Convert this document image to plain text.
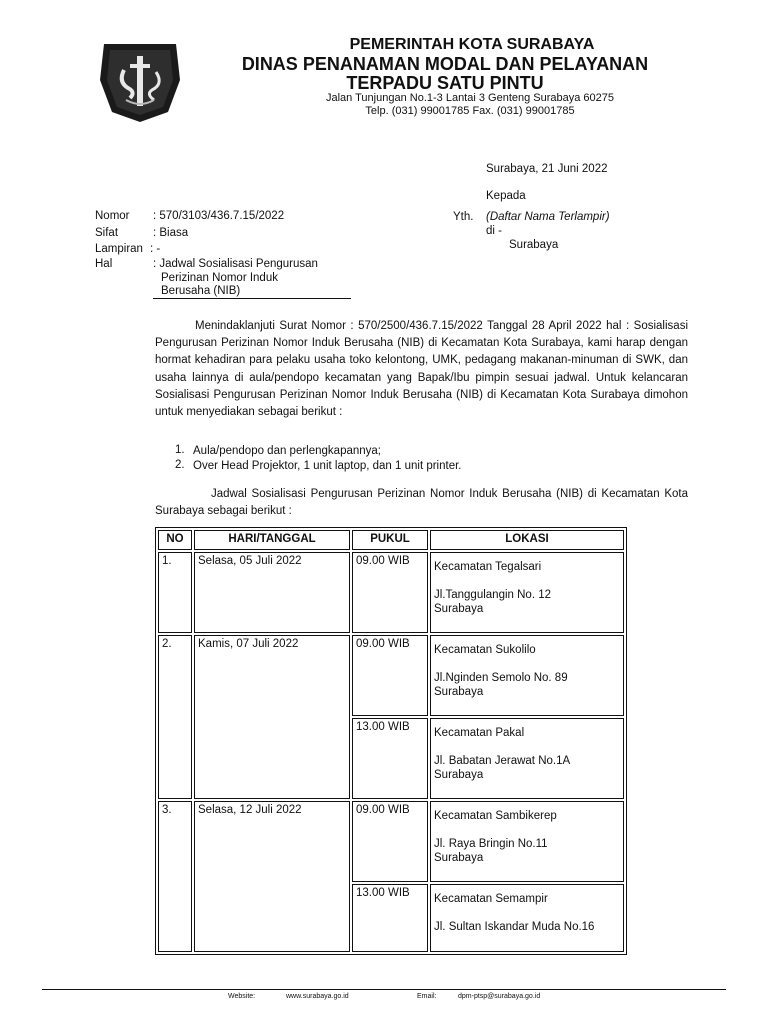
PEMERINTAH KOTA SURABAYA
DINAS PENANAMAN MODAL DAN PELAYANAN
TERPADU SATU PINTU
Jalan Tunjungan No.1-3 Lantai 3 Genteng Surabaya 60275
Telp. (031) 99001785 Fax. (031) 99001785
Surabaya, 21 Juni 2022
Kepada
Yth. (Daftar Nama Terlampir)
di -
Surabaya
Nomor : 570/3103/436.7.15/2022
Sifat	: Biasa
Lampiran : -
Hal	: Jadwal Sosialisasi Pengurusan
Perizinan Nomor Induk
Berusaha (NIB)
Menindaklanjuti Surat Nomor : 570/2500/436.7.15/2022 Tanggal 28 April 2022 hal : Sosialisasi Pengurusan Perizinan Nomor Induk Berusaha (NIB) di Kecamatan Kota Surabaya, kami harap dengan hormat kehadiran para pelaku usaha toko kelontong, UMK, pedagang makanan-minuman di SWK, dan usaha lainnya di aula/pendopo kecamatan yang Bapak/Ibu pimpin sesuai jadwal. Untuk kelancaran Sosialisasi Pengurusan Perizinan Nomor Induk Berusaha (NIB) di Kecamatan Kota Surabaya dimohon untuk menyediakan sebagai berikut :
1. Aula/pendopo dan perlengkapannya;
2. Over Head Projektor, 1 unit laptop, dan 1 unit printer.
Jadwal Sosialisasi Pengurusan Perizinan Nomor Induk Berusaha (NIB) di Kecamatan Kota Surabaya sebagai berikut :
NO	HARI/TANGGAL	PUKUL	LOKASI
1.	Selasa, 05 Juli 2022	09.00 WIB	Kecamatan Tegalsari
Jl.Tanggulangin No. 12
Surabaya

2.	Kamis, 07 Juli 2022	09.00 WIB	Kecamatan Sukolilo
Jl.Nginden Semolo No. 89
Surabaya

		13.00 WIB	Kecamatan Pakal
Jl. Babatan Jerawat No.1A
Surabaya

3.	Selasa, 12 Juli 2022	09.00 WIB	Kecamatan Sambikerep
Jl. Raya Bringin No.11
Surabaya

		13.00 WIB	Kecamatan Semampir
Jl. Sultan Iskandar Muda No.16
Website:	www.surabaya.go.id	Email:	dpm-ptsp@surabaya.go.id
